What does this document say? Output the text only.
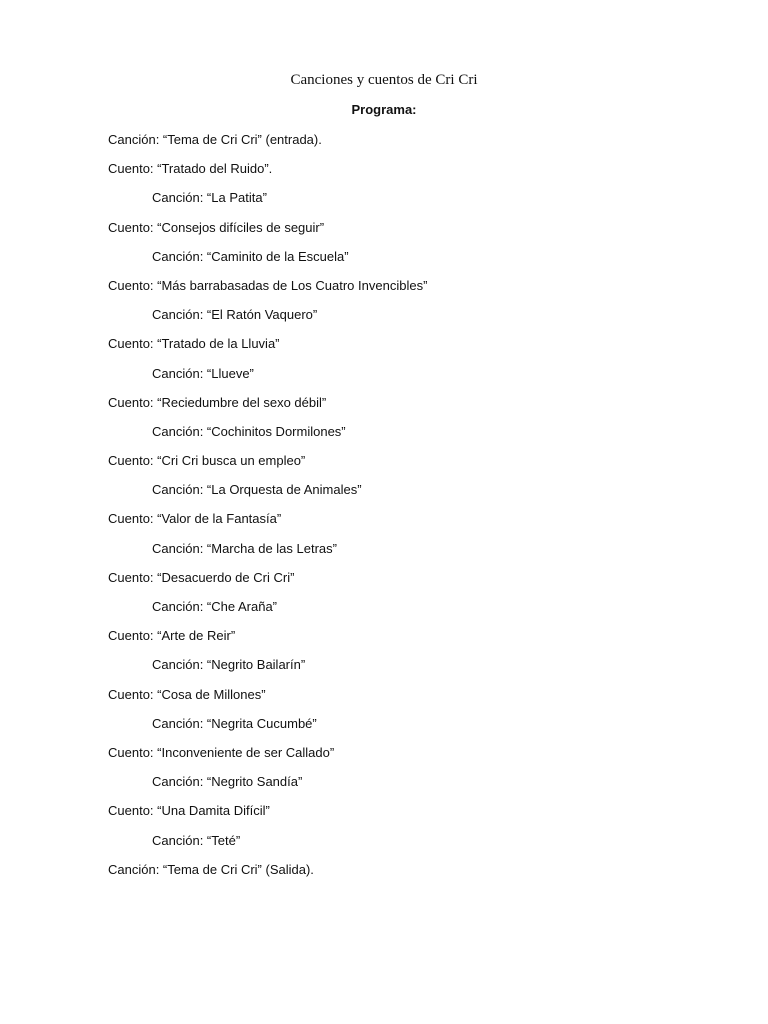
Canciones y cuentos de Cri Cri
Programa:
Canción: “Tema de Cri Cri” (entrada).
Cuento: “Tratado del Ruido”.
Canción: “La Patita”
Cuento: “Consejos difíciles de seguir”
Canción: “Caminito de la Escuela”
Cuento: “Más barrabasadas de Los Cuatro Invencibles”
Canción: “El Ratón Vaquero”
Cuento: “Tratado de la Lluvia”
Canción: “Llueve”
Cuento: “Reciedumbre del sexo débil”
Canción: “Cochinitos Dormilones”
Cuento: “Cri Cri busca un empleo”
Canción: “La Orquesta de Animales”
Cuento: “Valor de la Fantasía”
Canción: “Marcha de las Letras”
Cuento: “Desacuerdo de Cri Cri”
Canción: “Che Araña”
Cuento: “Arte de Reir”
Canción: “Negrito Bailarín”
Cuento: “Cosa de Millones”
Canción: “Negrita Cucumbé”
Cuento: “Inconveniente de ser Callado”
Canción: “Negrito Sandía”
Cuento: “Una Damita Difícil”
Canción: “Teté”
Canción: “Tema de Cri Cri” (Salida).
